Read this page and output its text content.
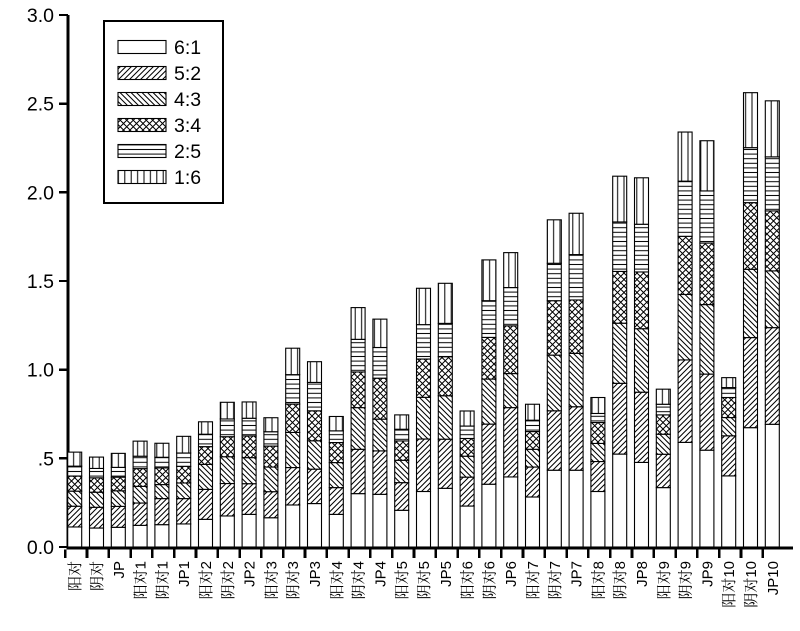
0.0
.5
1.0
1.5
2.0
2.5
3.0
阳对 阴对 JP 阳对1 阴对1 JP1 阳对2 阴对2 JP2 阳对3 阴对3 JP3 阳对4 阴对4 JP4 阳对5 阴对5 JP5 阳对6 阴对6 JP6 阳对7 阴对7 JP7 阳对8 阴对8 JP8 阳对9 阴对9 JP9 阳对10 阴对10 JP10
6:1
5:2
4:3
3:4
2:5
1:6
